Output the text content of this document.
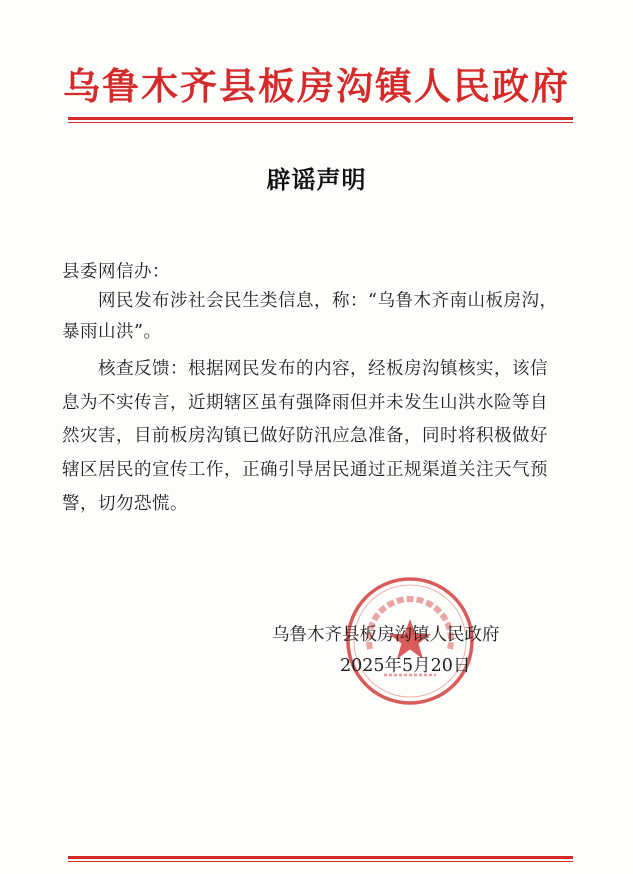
乌鲁木齐县板房沟镇人民政府
辟谣声明
县委网信办：
网民发布涉社会民生类信息，称：“乌鲁木齐南山板房沟，
暴雨山洪”。
核查反馈：根据网民发布的内容，经板房沟镇核实，该信
息为不实传言，近期辖区虽有强降雨但并未发生山洪水险等自
然灾害，目前板房沟镇已做好防汛应急准备，同时将积极做好
辖区居民的宣传工作，正确引导居民通过正规渠道关注天气预
警，切勿恐慌。
乌鲁木齐县板房沟镇人民政府
2025年5月20日
